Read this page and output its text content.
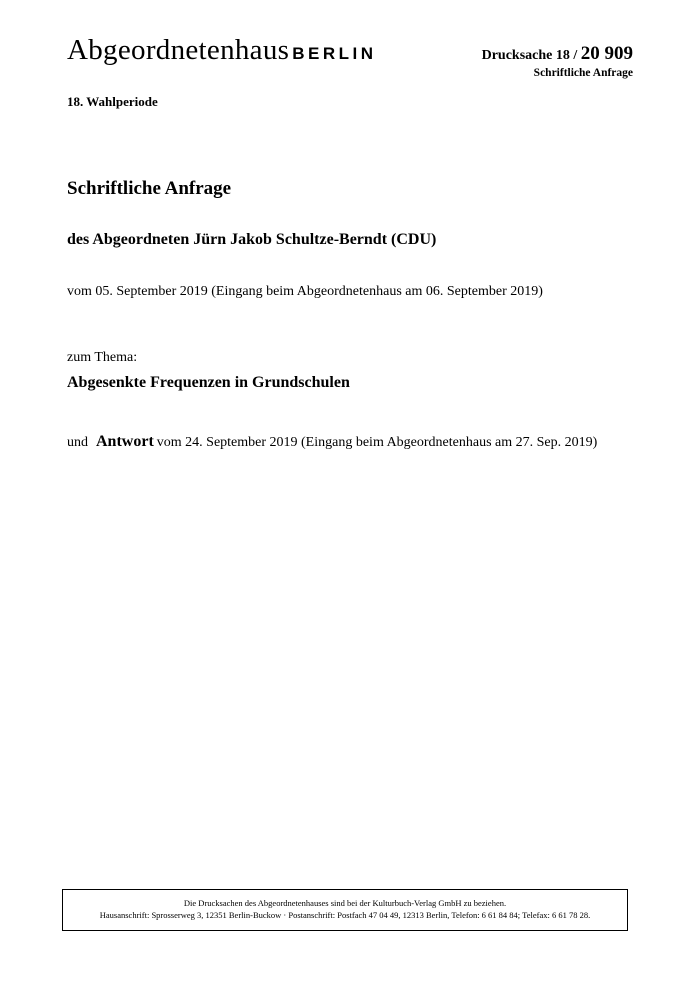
Abgeordnetenhaus BERLIN	Drucksache 18 / 20 909
Schriftliche Anfrage
18. Wahlperiode
Schriftliche Anfrage
des Abgeordneten Jürn Jakob Schultze-Berndt (CDU)
vom 05. September 2019 (Eingang beim Abgeordnetenhaus am 06. September 2019)
zum Thema:
Abgesenkte Frequenzen in Grundschulen
und Antwort vom 24. September 2019 (Eingang beim Abgeordnetenhaus am 27. Sep. 2019)
Die Drucksachen des Abgeordnetenhauses sind bei der Kulturbuch-Verlag GmbH zu beziehen.
Hausanschrift: Sprosserweg 3, 12351 Berlin-Buckow · Postanschrift: Postfach 47 04 49, 12313 Berlin, Telefon: 6 61 84 84; Telefax: 6 61 78 28.
